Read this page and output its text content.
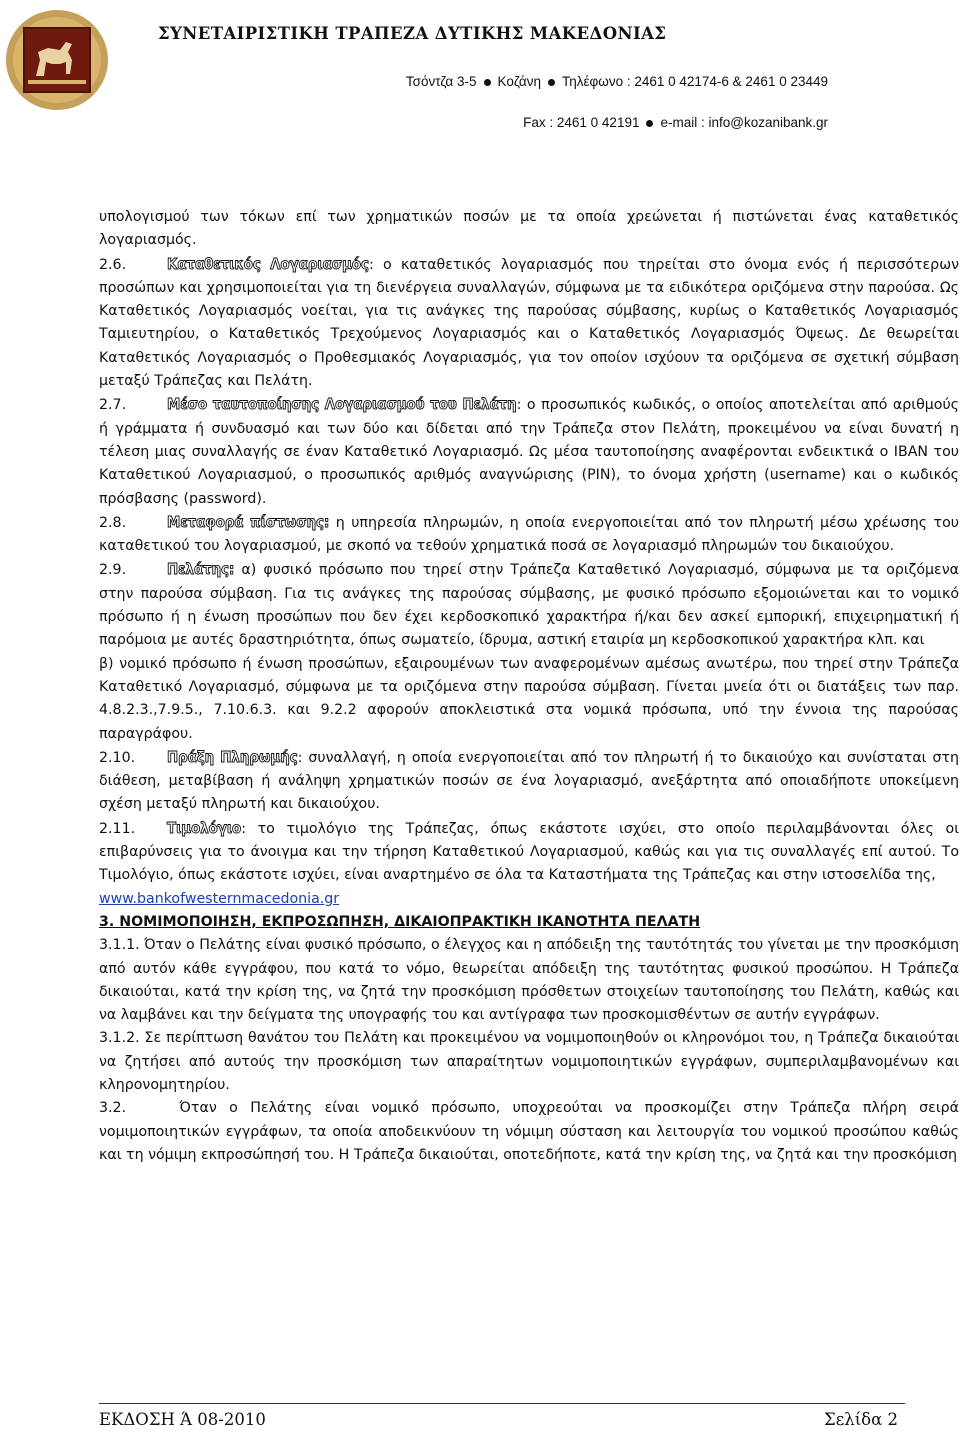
ΣΥΝΕΤΑΙΡΙΣΤΙΚΗ ΤΡΑΠΕΖΑ ΔΥΤΙΚΗΣ ΜΑΚΕΔΟΝΙΑΣ
Τσόντζα 3-5 Κοζάνη Τηλέφωνο : 2461 0 42174-6 & 2461 0 23449
Fax : 2461 0 42191 e-mail : info@kozanibank.gr

υπολογισμού των τόκων επί των χρηματικών ποσών με τα οποία χρεώνεται ή πιστώνεται ένας καταθετικός λογαριασμός.

2.6.	Καταθετικός Λογαριασμός: ο καταθετικός λογαριασμός που τηρείται στο όνομα ενός ή περισσότερων προσώπων και χρησιμοποιείται για τη διενέργεια συναλλαγών, σύμφωνα με τα ειδικότερα οριζόμενα στην παρούσα. Ως Καταθετικός Λογαριασμός νοείται, για τις ανάγκες της παρούσας σύμβασης, κυρίως ο Καταθετικός Λογαριασμός Ταμιευτηρίου, ο Καταθετικός Τρεχούμενος Λογαριασμός και ο Καταθετικός Λογαριασμός Όψεως. Δε θεωρείται Καταθετικός Λογαριασμός ο Προθεσμιακός Λογαριασμός, για τον οποίον ισχύουν τα οριζόμενα σε σχετική σύμβαση μεταξύ Τράπεζας και Πελάτη.

2.7.	Μέσο ταυτοποίησης Λογαριασμού του Πελάτη: ο προσωπικός κωδικός, ο οποίος αποτελείται από αριθμούς ή γράμματα ή συνδυασμό και των δύο και δίδεται από την Τράπεζα στον Πελάτη, προκειμένου να είναι δυνατή η τέλεση μιας συναλλαγής σε έναν Καταθετικό Λογαριασμό. Ως μέσα ταυτοποίησης αναφέρονται ενδεικτικά ο IBAN του Καταθετικού Λογαριασμού, ο προσωπικός αριθμός αναγνώρισης (PIN), το όνομα χρήστη (username) και ο κωδικός πρόσβασης (password).

2.8.	Μεταφορά πίστωσης: η υπηρεσία πληρωμών, η οποία ενεργοποιείται από τον πληρωτή μέσω χρέωσης του καταθετικού του λογαριασμού, με σκοπό να τεθούν χρηματικά ποσά σε λογαριασμό πληρωμών του δικαιούχου.

2.9.	Πελάτης: α) φυσικό πρόσωπο που τηρεί στην Τράπεζα Καταθετικό Λογαριασμό, σύμφωνα με τα οριζόμενα στην παρούσα σύμβαση. Για τις ανάγκες της παρούσας σύμβασης, με φυσικό πρόσωπο εξομοιώνεται και το νομικό πρόσωπο ή η ένωση προσώπων που δεν έχει κερδοσκοπικό χαρακτήρα ή/και δεν ασκεί εμπορική, επιχειρηματική ή παρόμοια με αυτές δραστηριότητα, όπως σωματείο, ίδρυμα, αστική εταιρία μη κερδοσκοπικού χαρακτήρα κλπ. και

β) νομικό πρόσωπο ή ένωση προσώπων, εξαιρουμένων των αναφερομένων αμέσως ανωτέρω, που τηρεί στην Τράπεζα Καταθετικό Λογαριασμό, σύμφωνα με τα οριζόμενα στην παρούσα σύμβαση. Γίνεται μνεία ότι οι διατάξεις των παρ. 4.8.2.3.,7.9.5., 7.10.6.3. και 9.2.2 αφορούν αποκλειστικά στα νομικά πρόσωπα, υπό την έννοια της παρούσας παραγράφου.

2.10. Πράξη Πληρωμής: συναλλαγή, η οποία ενεργοποιείται από τον πληρωτή ή το δικαιούχο και συνίσταται στη διάθεση, μεταβίβαση ή ανάληψη χρηματικών ποσών σε ένα λογαριασμό, ανεξάρτητα από οποιαδήποτε υποκείμενη σχέση μεταξύ πληρωτή και δικαιούχου.

2.11. Τιμολόγιο: το τιμολόγιο της Τράπεζας, όπως εκάστοτε ισχύει, στο οποίο περιλαμβάνονται όλες οι επιβαρύνσεις για το άνοιγμα και την τήρηση Καταθετικού Λογαριασμού, καθώς και για τις συναλλαγές επί αυτού. Το Τιμολόγιο, όπως εκάστοτε ισχύει, είναι αναρτημένο σε όλα τα Καταστήματα της Τράπεζας και στην ιστοσελίδα της,

www.bankofwesternmacedonia.gr

3. ΝΟΜΙΜΟΠΟΙΗΣΗ, ΕΚΠΡΟΣΩΠΗΣΗ, ΔΙΚΑΙΟΠΡΑΚΤΙΚΗ ΙΚΑΝΟΤΗΤΑ ΠΕΛΑΤΗ

3.1.1. Όταν ο Πελάτης είναι φυσικό πρόσωπο, ο έλεγχος και η απόδειξη της ταυτότητάς του γίνεται με την προσκόμιση από αυτόν κάθε εγγράφου, που κατά το νόμο, θεωρείται απόδειξη της ταυτότητας φυσικού προσώπου. Η Τράπεζα δικαιούται, κατά την κρίση της, να ζητά την προσκόμιση πρόσθετων στοιχείων ταυτοποίησης του Πελάτη, καθώς και να λαμβάνει και την δείγματα της υπογραφής του και αντίγραφα των προσκομισθέντων σε αυτήν εγγράφων.

3.1.2. Σε περίπτωση θανάτου του Πελάτη και προκειμένου να νομιμοποιηθούν οι κληρονόμοι του, η Τράπεζα δικαιούται να ζητήσει από αυτούς την προσκόμιση των απαραίτητων νομιμοποιητικών εγγράφων, συμπεριλαμβανομένων και κληρονομητηρίου.

3.2.	Όταν ο Πελάτης είναι νομικό πρόσωπο, υποχρεούται να προσκομίζει στην Τράπεζα πλήρη σειρά νομιμοποιητικών εγγράφων, τα οποία αποδεικνύουν τη νόμιμη σύσταση και λειτουργία του νομικού προσώπου καθώς και τη νόμιμη εκπροσώπησή του. Η Τράπεζα δικαιούται, οποτεδήποτε, κατά την κρίση της, να ζητά και την προσκόμιση

ΕΚΔΟΣΗ Ά 08-2010	Σελίδα 2
